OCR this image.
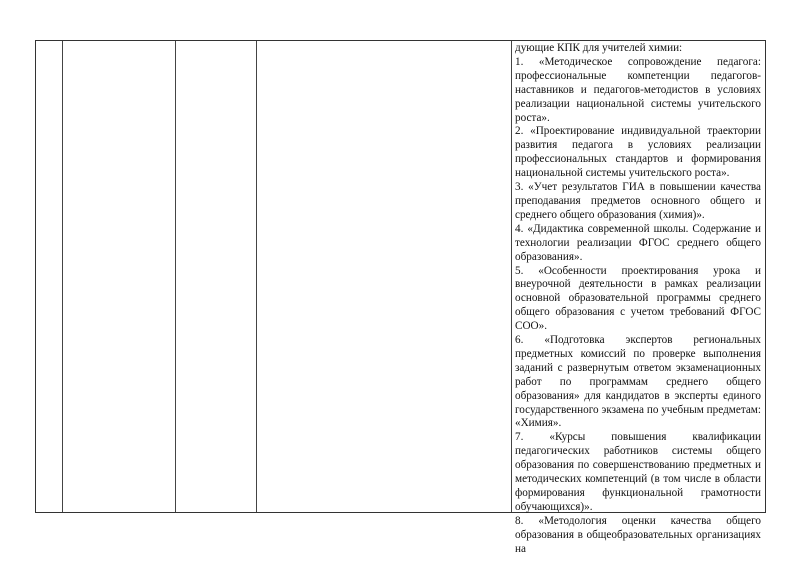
дующие КПК для учителей химии:

1. «Методическое сопровождение педагога: профессиональные компетенции педагогов-наставников и педагогов-методистов в условиях реализации национальной системы учительского роста».

2. «Проектирование индивидуальной траектории развития педагога в условиях реализации профессиональных стандартов и формирования национальной системы учительского роста».

3. «Учет результатов ГИА в повышении качества преподавания предметов основного общего и среднего общего образования (химия)».

4. «Дидактика современной школы. Содержание и технологии реализации ФГОС среднего общего образования».

5. «Особенности проектирования урока и внеурочной деятельности в рамках реализации основной образовательной программы среднего общего образования с учетом требований ФГОС СОО».

6. «Подготовка экспертов региональных предметных комиссий по проверке выполнения заданий с развернутым ответом экзаменационных работ по программам среднего общего образования» для кандидатов в эксперты единого государственного экзамена по учебным предметам: «Химия».

7. «Курсы повышения квалификации педагогических работников системы общего образования по совершенствованию предметных и методических компетенций (в том числе в области формирования функциональной грамотности обучающихся)».

8. «Методология оценки качества общего образования в общеобразовательных организациях на
